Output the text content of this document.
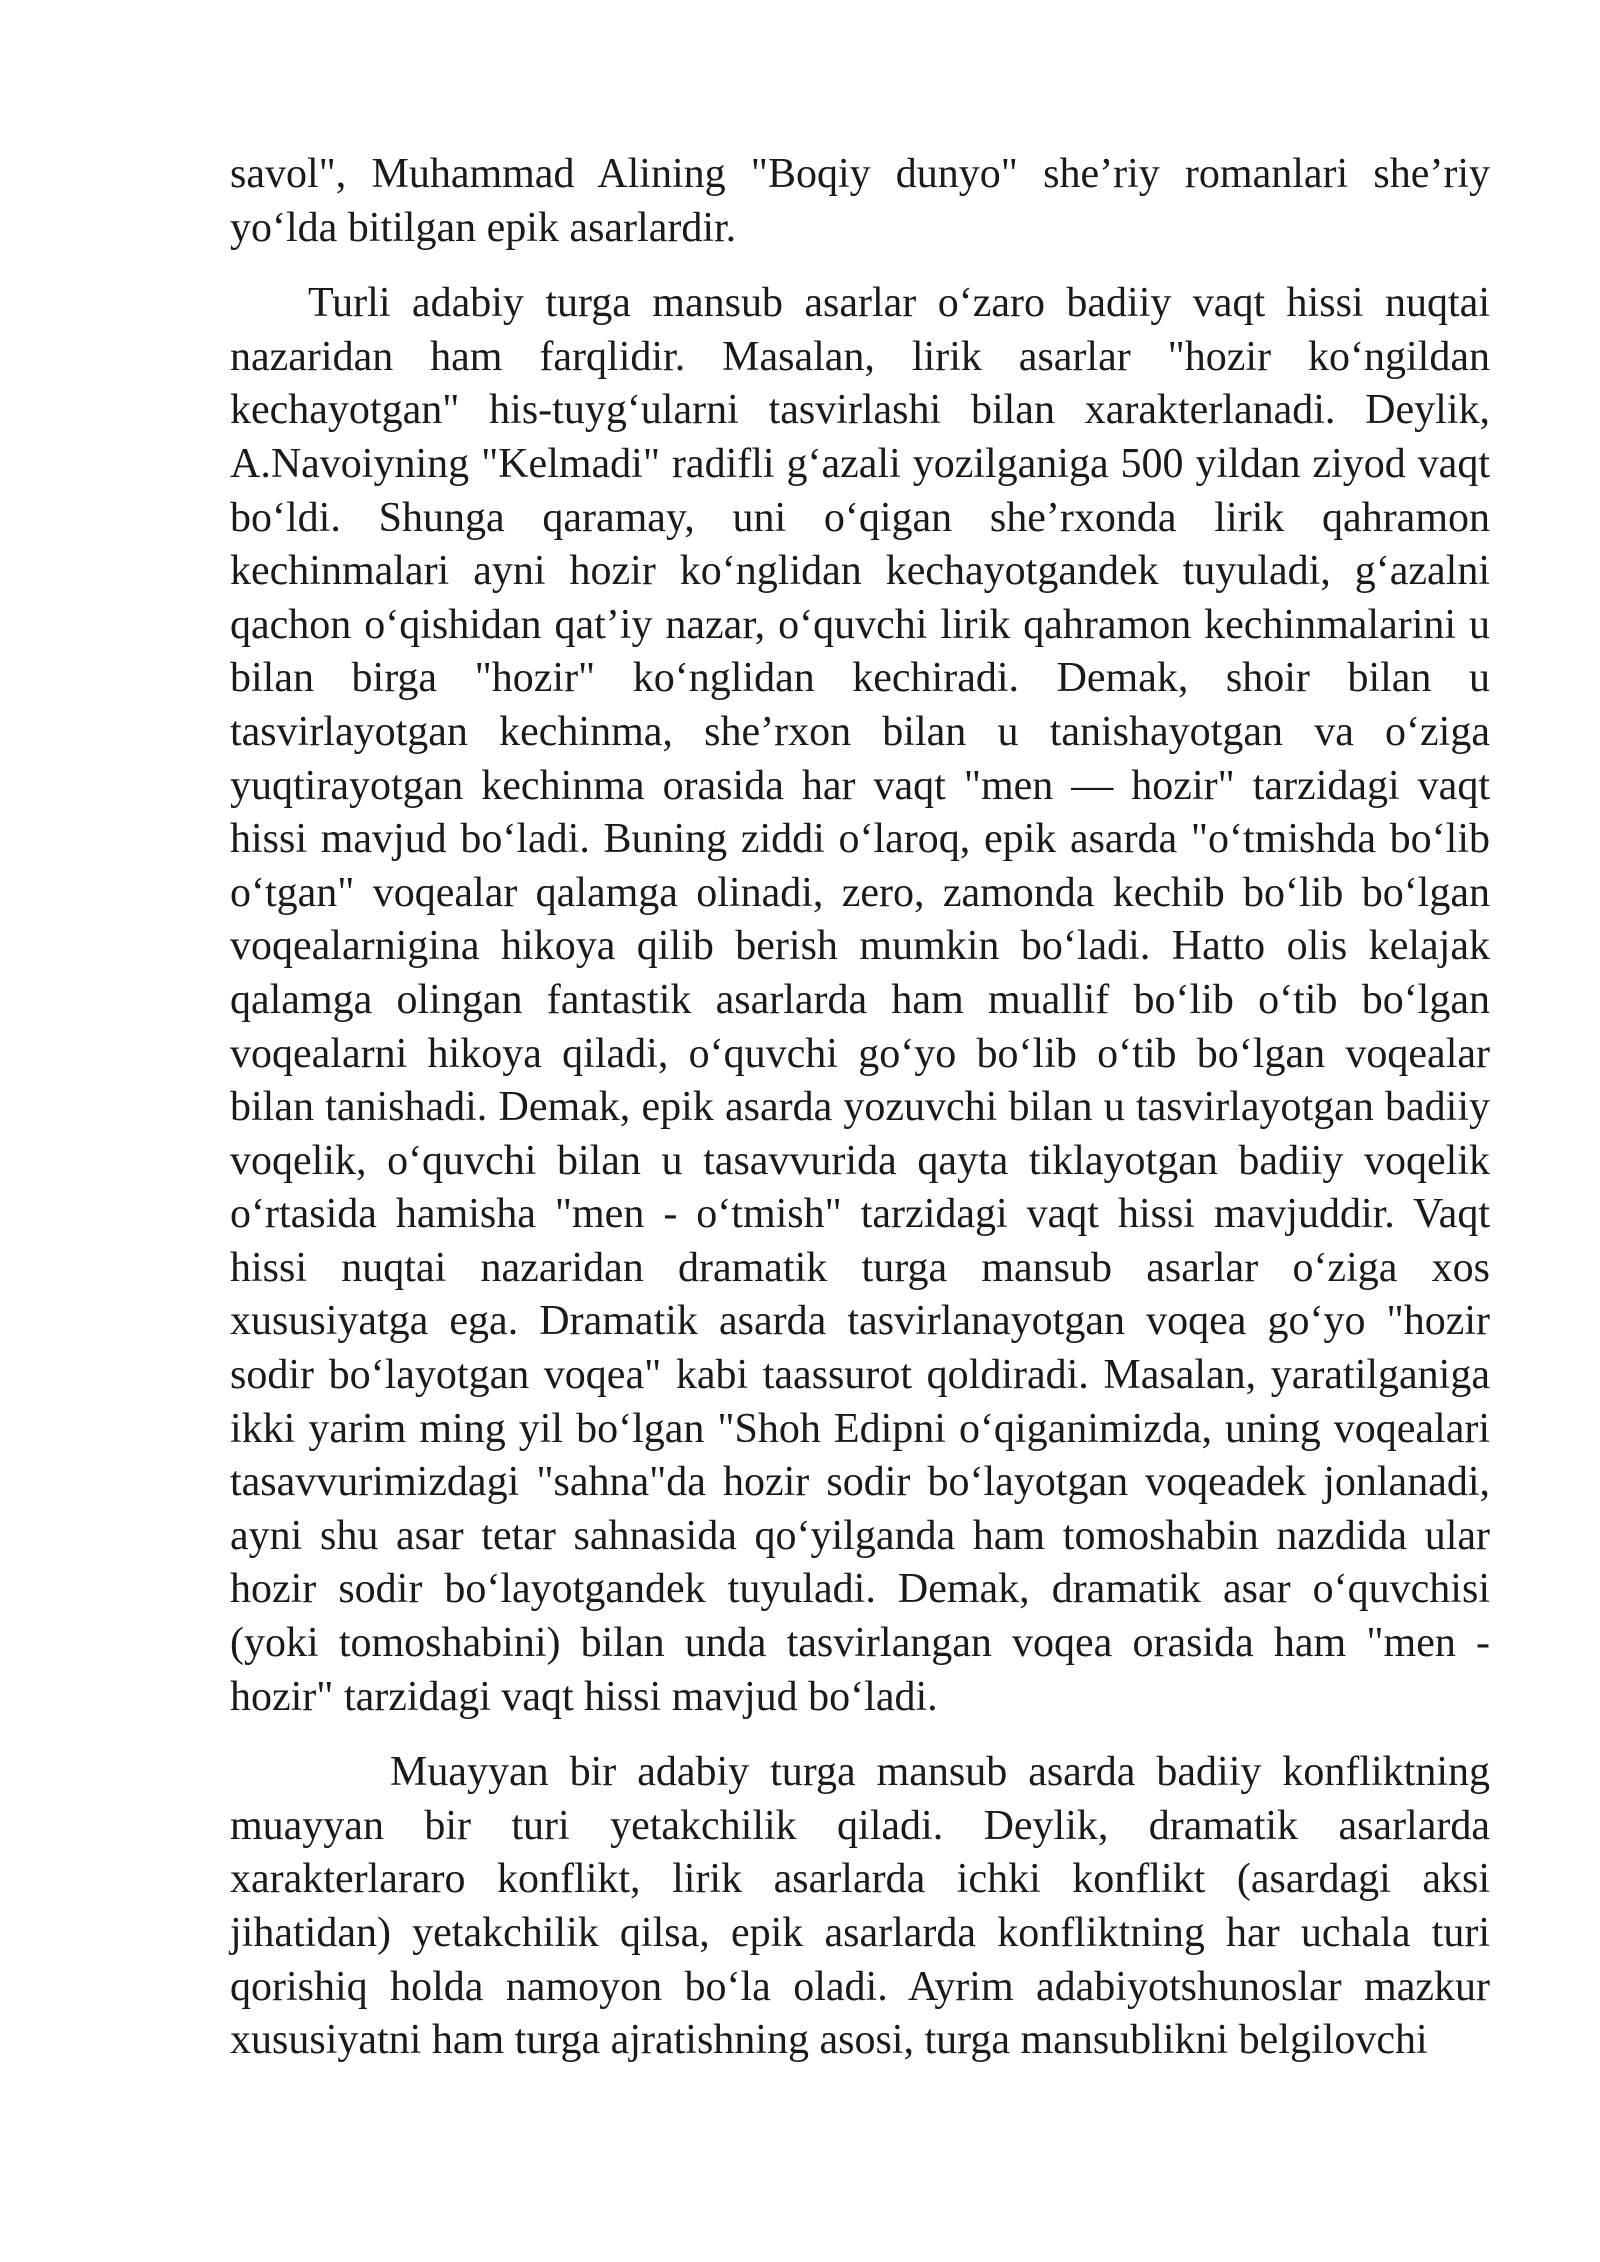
savol", Muhammad Alining "Boqiy dunyo" she’riy romanlari she’riy yo‘lda bitilgan epik asarlardir.

Turli adabiy turga mansub asarlar o‘zaro badiiy vaqt hissi nuqtai nazaridan ham farqlidir. Masalan, lirik asarlar "hozir ko‘ngildan kechayotgan" his-tuyg‘ularni tasvirlashi bilan xarakterlanadi. Deylik, A.Navoiyning "Kelmadi" radifli g‘azali yozilganiga 500 yildan ziyod vaqt bo‘ldi. Shunga qaramay, uni o‘qigan she’rxonda lirik qahramon kechinmalari ayni hozir ko‘nglidan kechayotgandek tuyuladi, g‘azalni qachon o‘qishidan qat’iy nazar, o‘quvchi lirik qahramon kechinmalarini u bilan birga "hozir" ko‘nglidan kechiradi. Demak, shoir bilan u tasvirlayotgan kechinma, she’rxon bilan u tanishayotgan va o‘ziga yuqtirayotgan kechinma orasida har vaqt "men — hozir" tarzidagi vaqt hissi mavjud bo‘ladi. Buning ziddi o‘laroq, epik asarda "o‘tmishda bo‘lib o‘tgan" voqealar qalamga olinadi, zero, zamonda kechib bo‘lib bo‘lgan voqealarnigina hikoya qilib berish mumkin bo‘ladi. Hatto olis kelajak qalamga olingan fantastik asarlarda ham muallif bo‘lib o‘tib bo‘lgan voqealarni hikoya qiladi, o‘quvchi go‘yo bo‘lib o‘tib bo‘lgan voqealar bilan tanishadi. Demak, epik asarda yozuvchi bilan u tasvirlayotgan badiiy voqelik, o‘quvchi bilan u tasavvurida qayta tiklayotgan badiiy voqelik o‘rtasida hamisha "men - o‘tmish" tarzidagi vaqt hissi mavjuddir. Vaqt hissi nuqtai nazaridan dramatik turga mansub asarlar o‘ziga xos xususiyatga ega. Dramatik asarda tasvirlanayotgan voqea go‘yo "hozir sodir bo‘layotgan voqea" kabi taassurot qoldiradi. Masalan, yaratilganiga ikki yarim ming yil bo‘lgan "Shoh Edipni o‘qiganimizda, uning voqealari tasavvurimizdagi "sahna"da hozir sodir bo‘layotgan voqeadek jonlanadi, ayni shu asar tetar sahnasida qo‘yilganda ham tomoshabin nazdida ular hozir sodir bo‘layotgandek tuyuladi. Demak, dramatik asar o‘quvchisi (yoki tomoshabini) bilan unda tasvirlangan voqea orasida ham "men - hozir" tarzidagi vaqt hissi mavjud bo‘ladi.

Muayyan bir adabiy turga mansub asarda badiiy konfliktning muayyan bir turi yetakchilik qiladi. Deylik, dramatik asarlarda xarakterlararo konflikt, lirik asarlarda ichki konflikt (asardagi aksi jihatidan) yetakchilik qilsa, epik asarlarda konfliktning har uchala turi qorishiq holda namoyon bo‘la oladi. Ayrim adabiyotshunoslar mazkur xususiyatni ham turga ajratishning asosi, turga mansublikni belgilovchi
